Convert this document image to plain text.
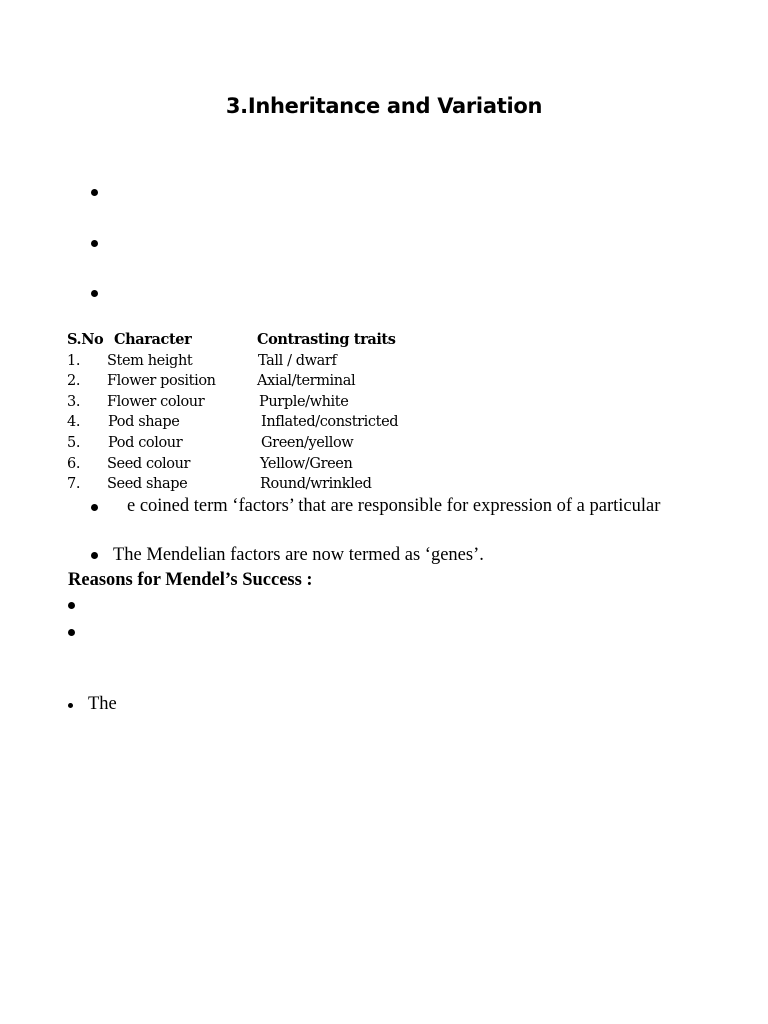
3.Inheritance and Variation
S.No Character	Contrasting traits
1. Stem height	Tall / dwarf
2. Flower position	Axial/terminal
3. Flower colour	Purple/white
4. Pod shape	Inflated/constricted
5. Pod colour	Green/yellow
6. Seed colour	Yellow/Green
7. Seed shape	Round/wrinkled
e coined term ‘factors’ that are responsible for expression of a particular
The Mendelian factors are now termed as ‘genes’.
Reasons for Mendel’s Success :
The
